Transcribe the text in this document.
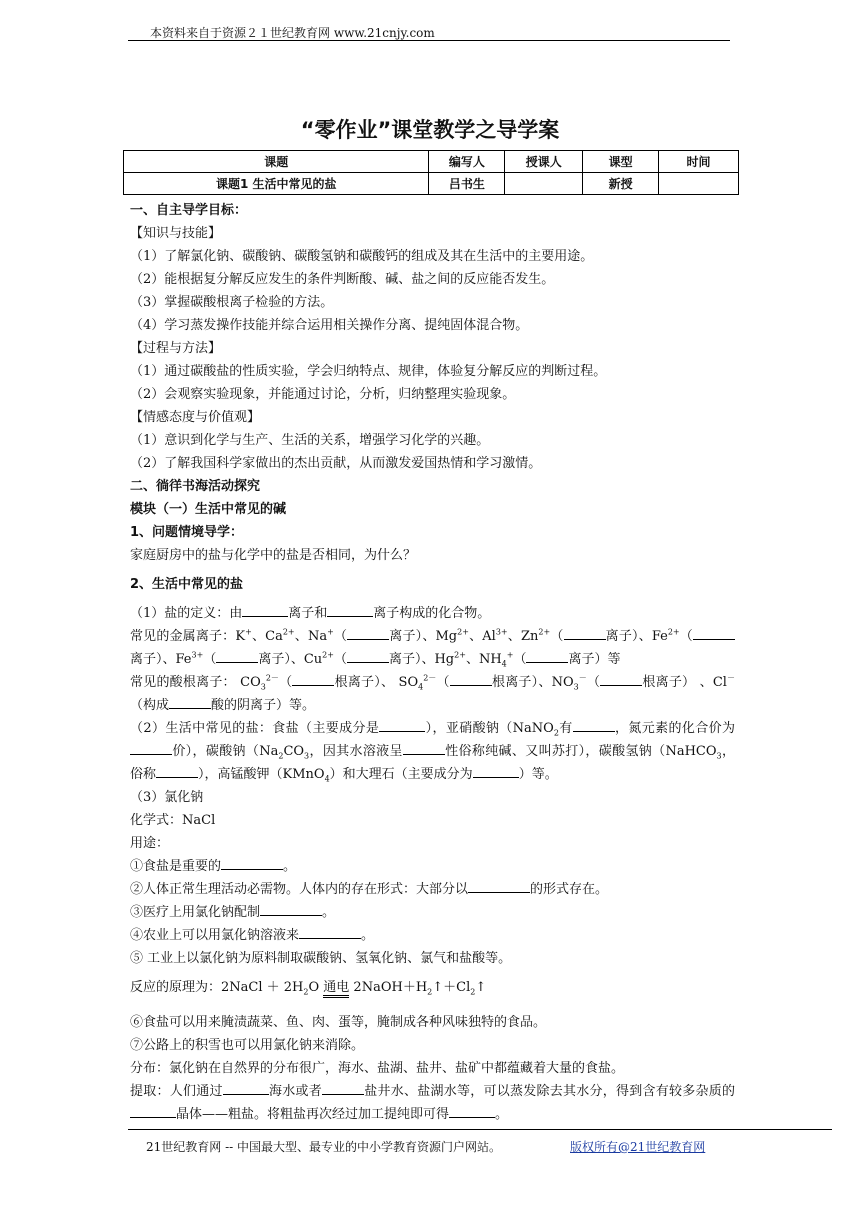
本资料来自于资源２１世纪教育网 www.21cnjy.com
“零作业”课堂教学之导学案
课题	编写人	授课人	课型	时间
课题1 生活中常见的盐	吕书生		新授	
一、自主导学目标：
【知识与技能】
（1）了解氯化钠、碳酸钠、碳酸氢钠和碳酸钙的组成及其在生活中的主要用途。
（2）能根据复分解反应发生的条件判断酸、碱、盐之间的反应能否发生。
（3）掌握碳酸根离子检验的方法。
（4）学习蒸发操作技能并综合运用相关操作分离、提纯固体混合物。
【过程与方法】
（1）通过碳酸盐的性质实验，学会归纳特点、规律，体验复分解反应的判断过程。
（2）会观察实验现象，并能通过讨论，分析，归纳整理实验现象。
【情感态度与价值观】
（1）意识到化学与生产、生活的关系，增强学习化学的兴趣。
（2）了解我国科学家做出的杰出贡献，从而激发爱国热情和学习激情。
二、徜徉书海活动探究
模块（一）生活中常见的碱
1、问题情境导学：
家庭厨房中的盐与化学中的盐是否相同，为什么？
2、生活中常见的盐
（1）盐的定义：由	离子和	离子构成的化合物。
常见的金属离子：K+、$Ca^{2+}$、Na+（	离子）、$Mg^{2+}$、$Al^{3+}$、$Zn^{2+}$（	离子）、$Fe^{2+}$（离子）、$Fe^{3+}$（	离子）、$Cu^{2+}$（	离子）、$Hg^{2+}$、$NH_4^+$（	离子）等
常见的酸根离子： $CO_3^{2-}$（	根离子）、 $SO_4^{2-}$（	根离子）、$NO_3^-$（	根离子） 、Cl－（构成	酸的阴离子）等。
（2）生活中常见的盐：食盐（主要成分是	），亚硝酸钠（NaNO$_2$有	，氮元素的化合价为价），碳酸钠（$Na_2CO_3$，因其水溶液呈	性俗称纯碱、又叫苏打），碳酸氢钠（NaHCO$_3$，俗称	），高锰酸钾（KMnO$_4$）和大理石（主要成分为	）等。
（3）氯化钠
化学式：NaCl
用途：
①食盐是重要的	。
②人体正常生理活动必需物。人体内的存在形式：大部分以	的形式存在。
③医疗上用氯化钠配制	。
④农业上可以用氯化钠溶液来	。
⑤ 工业上以氯化钠为原料制取碳酸钠、氢氧化钠、氯气和盐酸等。
反应的原理为：2NaCl ＋ $2H_2O$ 通电 $2NaOH+H_2↑+Cl_2↑$
⑥食盐可以用来腌渍蔬菜、鱼、肉、蛋等，腌制成各种风味独特的食品。
⑦公路上的积雪也可以用氯化钠来消除。
分布：氯化钠在自然界的分布很广，海水、盐湖、盐井、盐矿中都蕴藏着大量的食盐。
提取：人们通过	海水或者	盐井水、盐湖水等，可以蒸发除去其水分，得到含有较多杂质的晶体——粗盐。将粗盐再次经过加工提纯即可得	。
21世纪教育网 -- 中国最大型、最专业的中小学教育资源门户网站。	版权所有@21世纪教育网
